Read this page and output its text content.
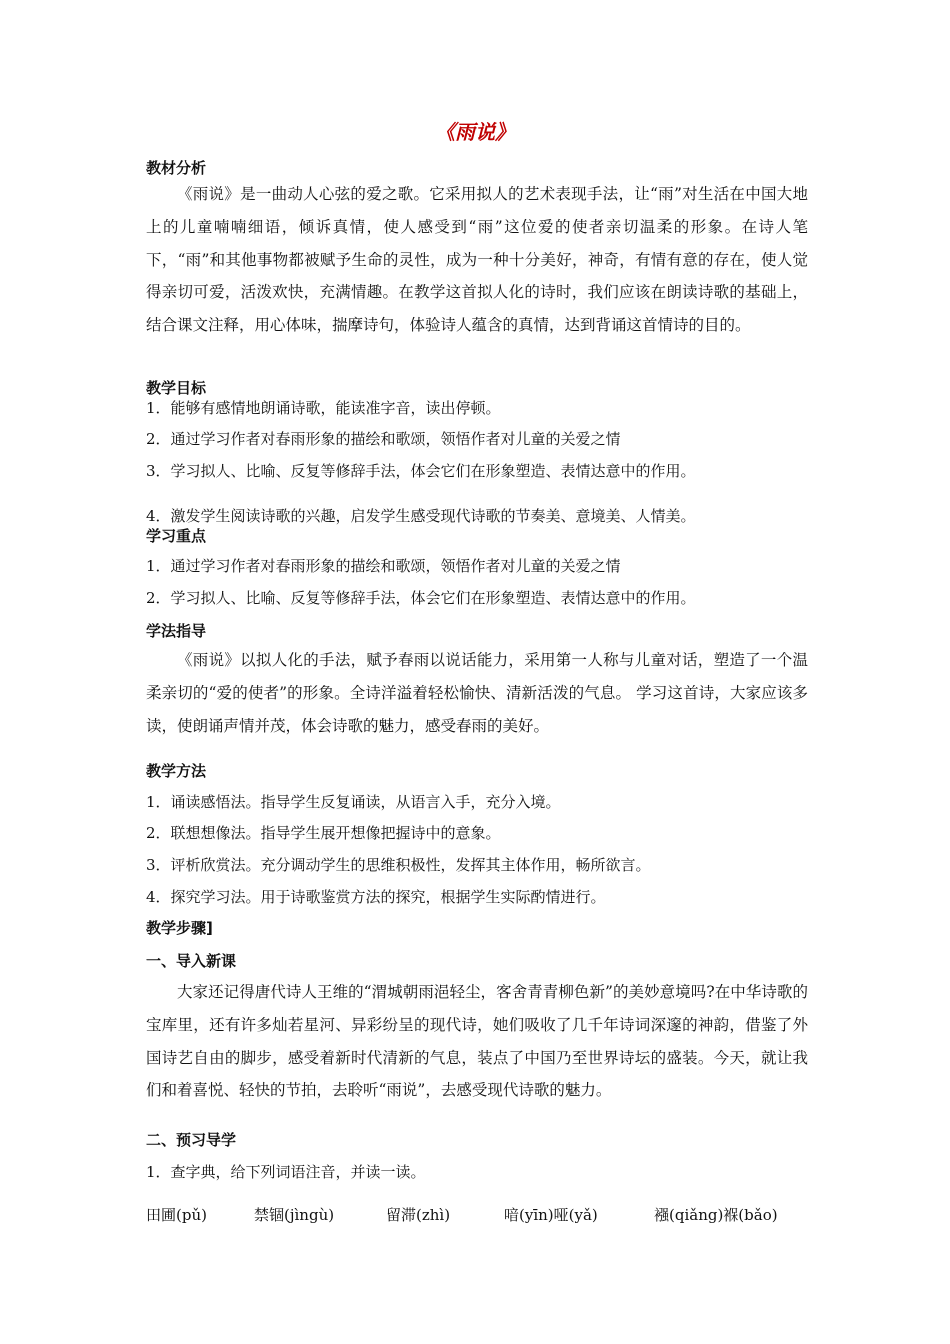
《雨说》
教材分析

《雨说》是一曲动人心弦的爱之歌。它采用拟人的艺术表现手法，让“雨”对生活在中国大地上的儿童喃喃细语，倾诉真情，使人感受到“雨”这位爱的使者亲切温柔的形象。在诗人笔下，“雨”和其他事物都被赋予生命的灵性，成为一种十分美好，神奇，有情有意的存在，使人觉得亲切可爱，活泼欢快，充满情趣。在教学这首拟人化的诗时，我们应该在朗读诗歌的基础上，结合课文注释，用心体味，揣摩诗句，体验诗人蕴含的真情，达到背诵这首情诗的目的。

教学目标
1．能够有感情地朗诵诗歌，能读准字音，读出停顿。
2．通过学习作者对春雨形象的描绘和歌颂，领悟作者对儿童的关爱之情
3．学习拟人、比喻、反复等修辞手法，体会它们在形象塑造、表情达意中的作用。
4．激发学生阅读诗歌的兴趣，启发学生感受现代诗歌的节奏美、意境美、人情美。
学习重点
1．通过学习作者对春雨形象的描绘和歌颂，领悟作者对儿童的关爱之情
2．学习拟人、比喻、反复等修辞手法，体会它们在形象塑造、表情达意中的作用。
学法指导

《雨说》以拟人化的手法，赋予春雨以说话能力，采用第一人称与儿童对话，塑造了一个温柔亲切的“爱的使者”的形象。全诗洋溢着轻松愉快、清新活泼的气息。 学习这首诗，大家应该多读，使朗诵声情并茂，体会诗歌的魅力，感受春雨的美好。

教学方法
1．诵读感悟法。指导学生反复诵读，从语言入手，充分入境。
2．联想想像法。指导学生展开想像把握诗中的意象。
3．评析欣赏法。充分调动学生的思维积极性，发挥其主体作用，畅所欲言。
4．探究学习法。用于诗歌鉴赏方法的探究，根据学生实际酌情进行。
教学步骤]
一、导入新课

大家还记得唐代诗人王维的“渭城朝雨浥轻尘，客舍青青柳色新”的美妙意境吗?在中华诗歌的宝库里，还有许多灿若星河、异彩纷呈的现代诗，她们吸收了几千年诗词深邃的神韵，借鉴了外国诗艺自由的脚步，感受着新时代清新的气息，装点了中国乃至世界诗坛的盛装。今天，就让我们和着喜悦、轻快的节拍，去聆听“雨说”，去感受现代诗歌的魅力。

二、预习导学
1．查字典，给下列词语注音，并读一读。
田圃(pǔ)	禁锢(jìngù)	留滞(zhì)	喑(yīn)哑(yǎ)	襁(qiǎng)褓(bǎo)
